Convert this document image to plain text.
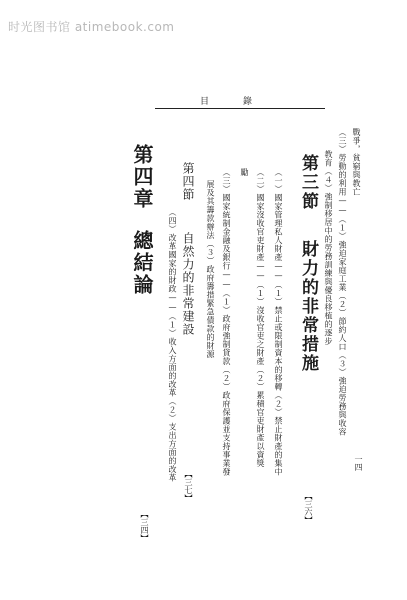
时光图书馆 atimebook.com
目	錄
戰爭，貧窮與教亡
一四
（三）勞動的利用——（１）強迫家庭工業（２）節約人口（３）強迫勞務與收容
教育（４）強制移居中的勞務訓練與優良移植的逐步
第三節
財力的非常措施
【三六】
（一）國家管理私人財產——（１）禁止或限制資本的移轉（２）禁止財產的集中
（二）國家沒收官吏財產——（１）沒收官吏之財產（２）累積官吏財產以資獎
勵
（三）國家統制金融及銀行——（１）政府強制貸款（２）政府保護並支持事業發
展及其籌款辦法（３）政府籌措緊急債款的財源
第四節
自然力的非常建設
【三七】
（四）改革國家的財政——（１）收入方面的改革（２）支出方面的改革
第四章
總結論
【三四】
